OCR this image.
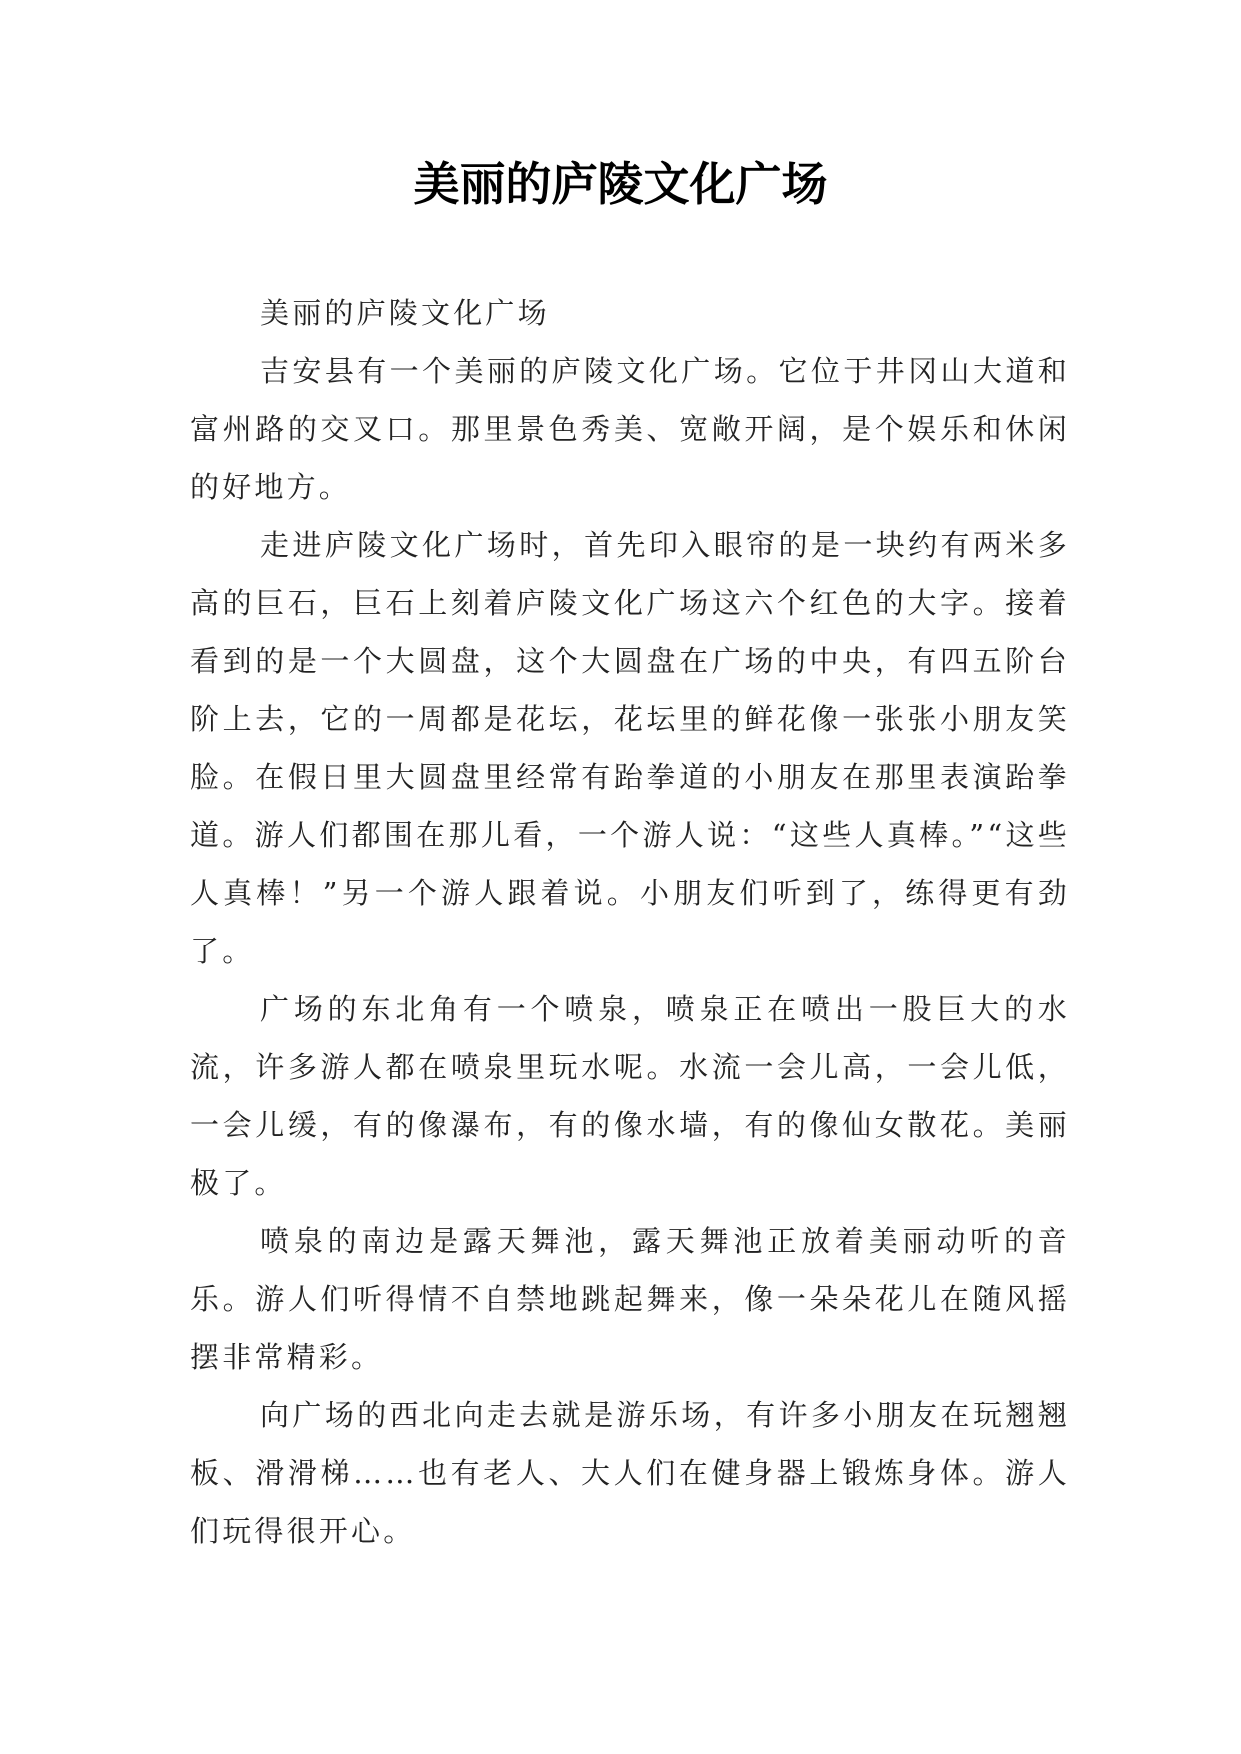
美丽的庐陵文化广场

美丽的庐陵文化广场

吉安县有一个美丽的庐陵文化广场。它位于井冈山大道和富州路的交叉口。那里景色秀美、宽敞开阔，是个娱乐和休闲的好地方。

走进庐陵文化广场时，首先印入眼帘的是一块约有两米多高的巨石，巨石上刻着庐陵文化广场这六个红色的大字。接着看到的是一个大圆盘，这个大圆盘在广场的中央，有四五阶台阶上去，它的一周都是花坛，花坛里的鲜花像一张张小朋友笑脸。在假日里大圆盘里经常有跆拳道的小朋友在那里表演跆拳道。游人们都围在那儿看，一个游人说：“这些人真棒。”“这些人真棒！”另一个游人跟着说。小朋友们听到了，练得更有劲了。

广场的东北角有一个喷泉，喷泉正在喷出一股巨大的水流，许多游人都在喷泉里玩水呢。水流一会儿高，一会儿低，一会儿缓，有的像瀑布，有的像水墙，有的像仙女散花。美丽极了。

喷泉的南边是露天舞池，露天舞池正放着美丽动听的音乐。游人们听得情不自禁地跳起舞来，像一朵朵花儿在随风摇摆非常精彩。

向广场的西北向走去就是游乐场，有许多小朋友在玩翘翘板、滑滑梯……也有老人、大人们在健身器上锻炼身体。游人们玩得很开心。
